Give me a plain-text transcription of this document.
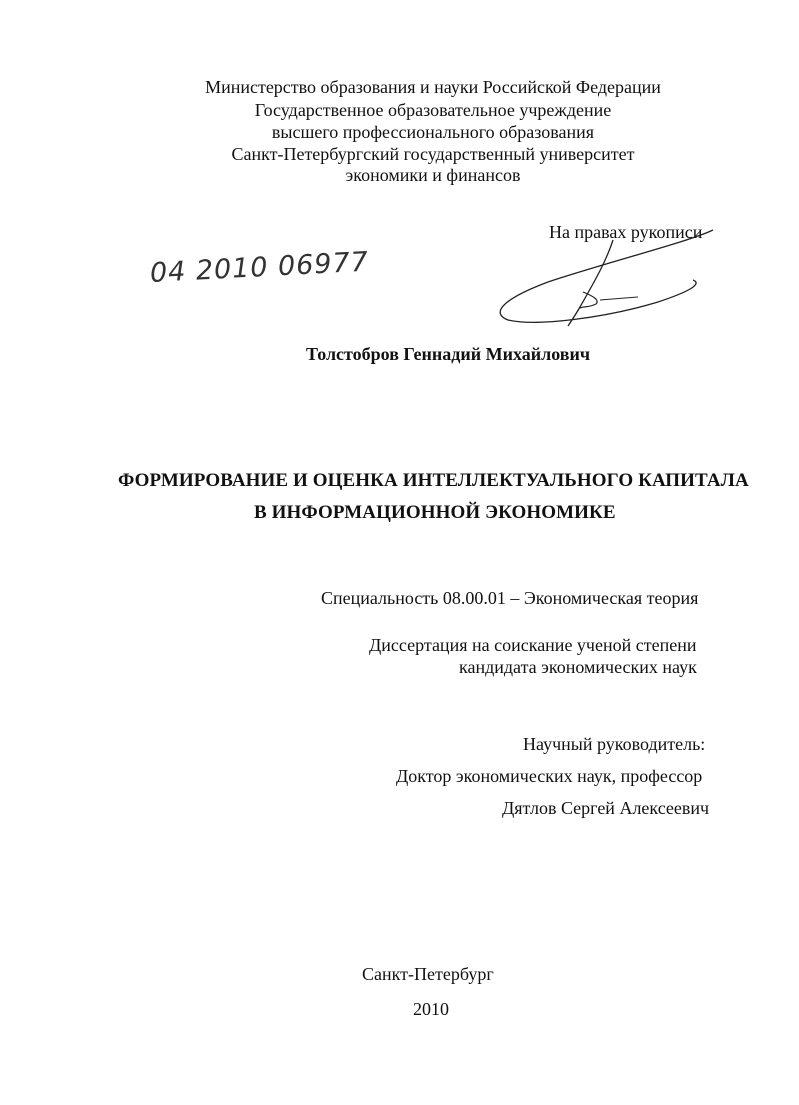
Министерство образования и науки Российской Федерации
Государственное образовательное учреждение
высшего профессионального образования
Санкт-Петербургский государственный университет
экономики и финансов
На правах рукописи
04 2010 06977
Толстобров Геннадий Михайлович
ФОРМИРОВАНИЕ И ОЦЕНКА ИНТЕЛЛЕКТУАЛЬНОГО КАПИТАЛА
В ИНФОРМАЦИОННОЙ ЭКОНОМИКЕ
Специальность 08.00.01 – Экономическая теория
Диссертация на соискание ученой степени
кандидата экономических наук
Научный руководитель:
Доктор экономических наук, профессор
Дятлов Сергей Алексеевич
Санкт-Петербург
2010
